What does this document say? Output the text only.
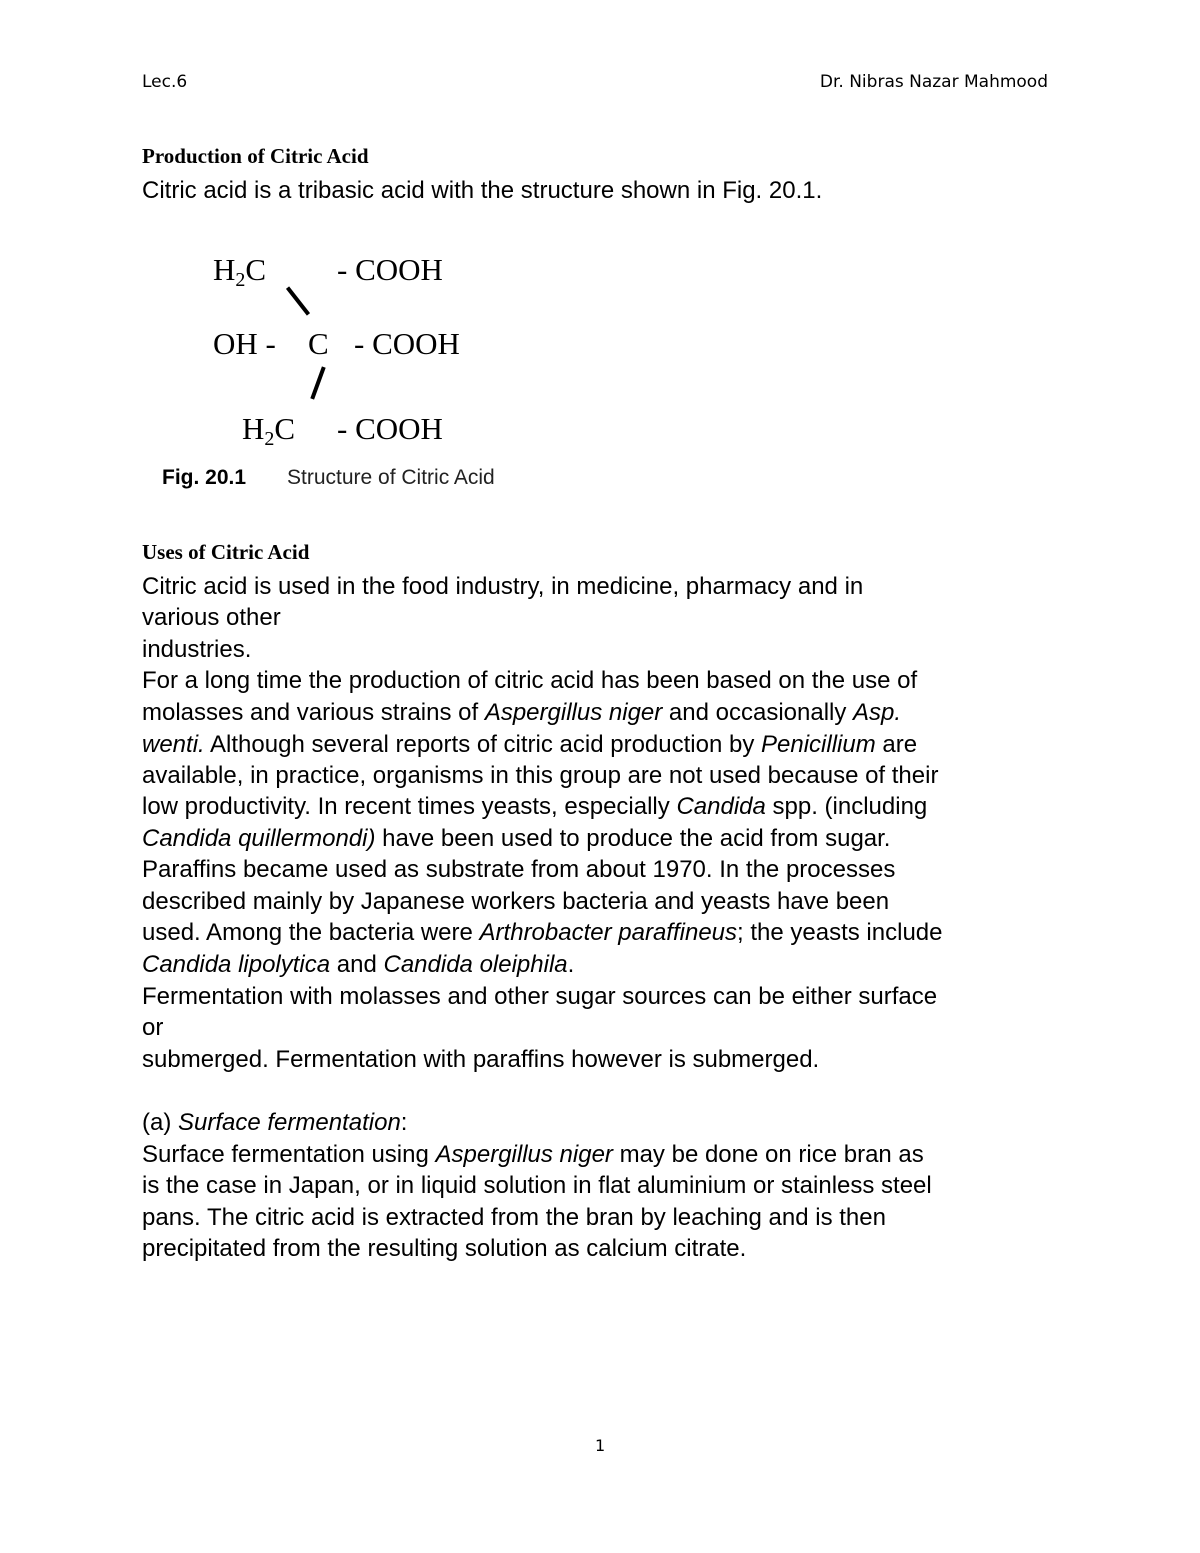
Lec.6	Dr. Nibras Nazar Mahmood
Production of Citric Acid
Citric acid is a tribasic acid with the structure shown in Fig. 20.1.
H2C - COOH
OH - C - COOH
H2C - COOH
Fig. 20.1 Structure of Citric Acid
Uses of Citric Acid
Citric acid is used in the food industry, in medicine, pharmacy and in
various other
industries.
For a long time the production of citric acid has been based on the use of
molasses and various strains of Aspergillus niger and occasionally Asp.
wenti. Although several reports of citric acid production by Penicillium are
available, in practice, organisms in this group are not used because of their
low productivity. In recent times yeasts, especially Candida spp. (including
Candida quillermondi) have been used to produce the acid from sugar.
Paraffins became used as substrate from about 1970. In the processes
described mainly by Japanese workers bacteria and yeasts have been
used. Among the bacteria were Arthrobacter paraffineus; the yeasts include
Candida lipolytica and Candida oleiphila.
Fermentation with molasses and other sugar sources can be either surface
or
submerged. Fermentation with paraffins however is submerged.
(a) Surface fermentation:
Surface fermentation using Aspergillus niger may be done on rice bran as
is the case in Japan, or in liquid solution in flat aluminium or stainless steel
pans. The citric acid is extracted from the bran by leaching and is then
precipitated from the resulting solution as calcium citrate.
1
